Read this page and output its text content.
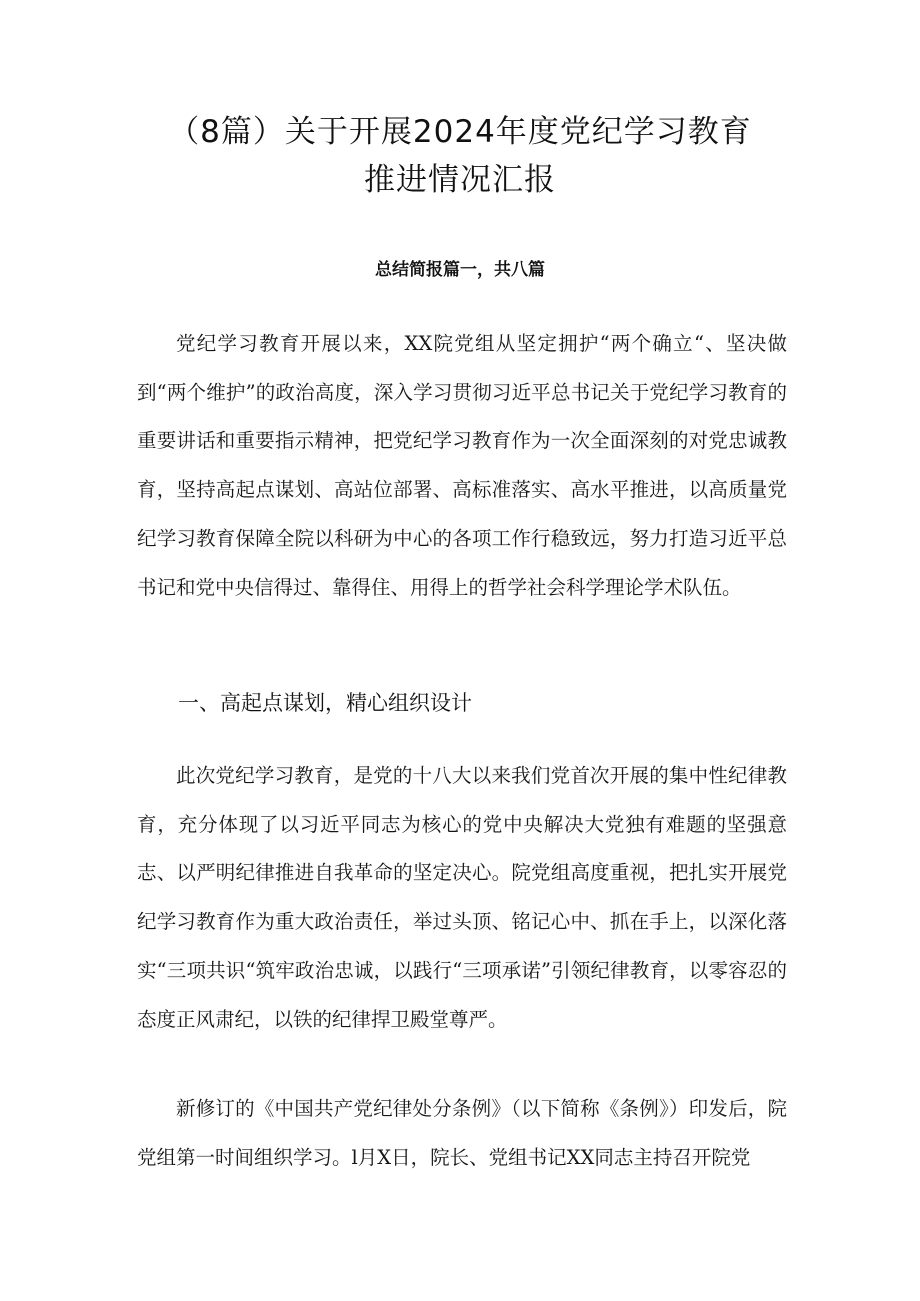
（8篇）关于开展2024年度党纪学习教育
推进情况汇报
总结简报篇一，共八篇

党纪学习教育开展以来，XX院党组从坚定拥护“两个确立“、坚决做到“两个维护”的政治高度，深入学习贯彻习近平总书记关于党纪学习教育的重要讲话和重要指示精神，把党纪学习教育作为一次全面深刻的对党忠诚教育，坚持高起点谋划、高站位部署、高标准落实、高水平推进，以高质量党纪学习教育保障全院以科研为中心的各项工作行稳致远，努力打造习近平总书记和党中央信得过、靠得住、用得上的哲学社会科学理论学术队伍。

一、高起点谋划，精心组织设计

此次党纪学习教育，是党的十八大以来我们党首次开展的集中性纪律教育，充分体现了以习近平同志为核心的党中央解决大党独有难题的坚强意志、以严明纪律推进自我革命的坚定决心。院党组高度重视，把扎实开展党纪学习教育作为重大政治责任，举过头顶、铭记心中、抓在手上，以深化落实“三项共识“筑牢政治忠诚，以践行“三项承诺”引领纪律教育，以零容忍的态度正风肃纪，以铁的纪律捍卫殿堂尊严。

新修订的《中国共产党纪律处分条例》（以下简称《条例》）印发后，院党组第一时间组织学习。l月X日，院长、党组书记XX同志主持召开院党
